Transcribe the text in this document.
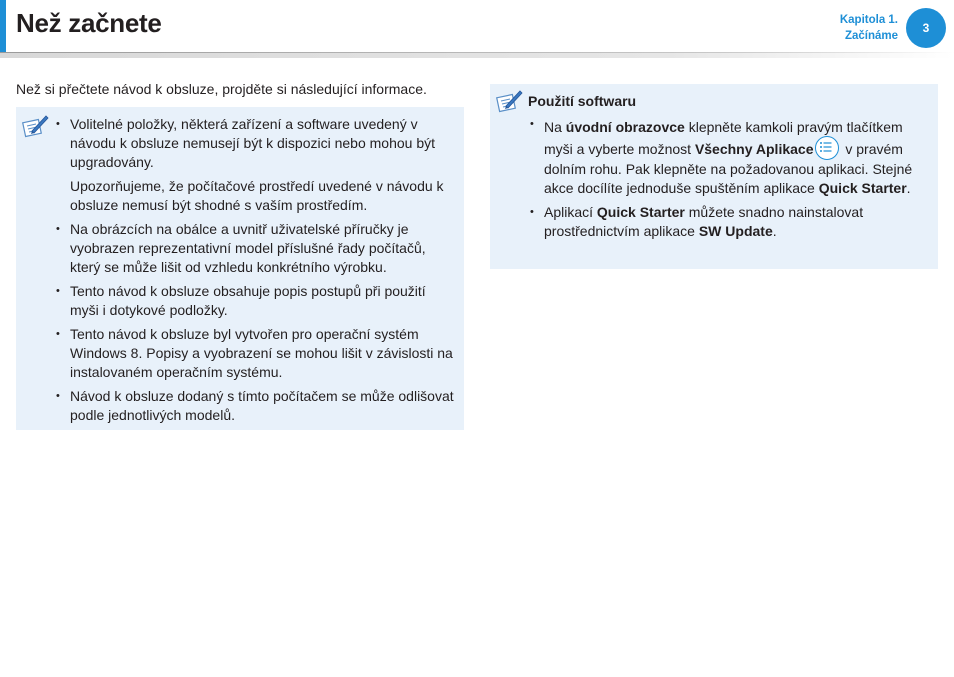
Než začnete	Kapitola 1.
Začínáme
3

Než si přečtete návod k obsluze, projděte si následující informace.

• Volitelné položky, některá zařízení a software uvedený v návodu k obsluze nemusejí být k dispozici nebo mohou být upgradovány.

Upozorňujeme, že počítačové prostředí uvedené v návodu k obsluze nemusí být shodné s vaším prostředím.

• Na obrázcích na obálce a uvnitř uživatelské příručky je vyobrazen reprezentativní model příslušné řady počítačů, který se může lišit od vzhledu konkrétního výrobku.

• Tento návod k obsluze obsahuje popis postupů při použití myši i dotykové podložky.

• Tento návod k obsluze byl vytvořen pro operační systém Windows 8. Popisy a vyobrazení se mohou lišit v závislosti na instalovaném operačním systému.

• Návod k obsluze dodaný s tímto počítačem se může odlišovat podle jednotlivých modelů.

Použití softwaru

• Na úvodní obrazovce klepněte kamkoli pravým tlačítkem myši a vyberte možnost Všechny Aplikace
v pravém dolním rohu. Pak klepněte na požadovanou aplikaci. Stejné akce docílíte jednoduše spuštěním aplikace Quick Starter.

• Aplikací Quick Starter můžete snadno nainstalovat prostřednictvím aplikace SW Update.
